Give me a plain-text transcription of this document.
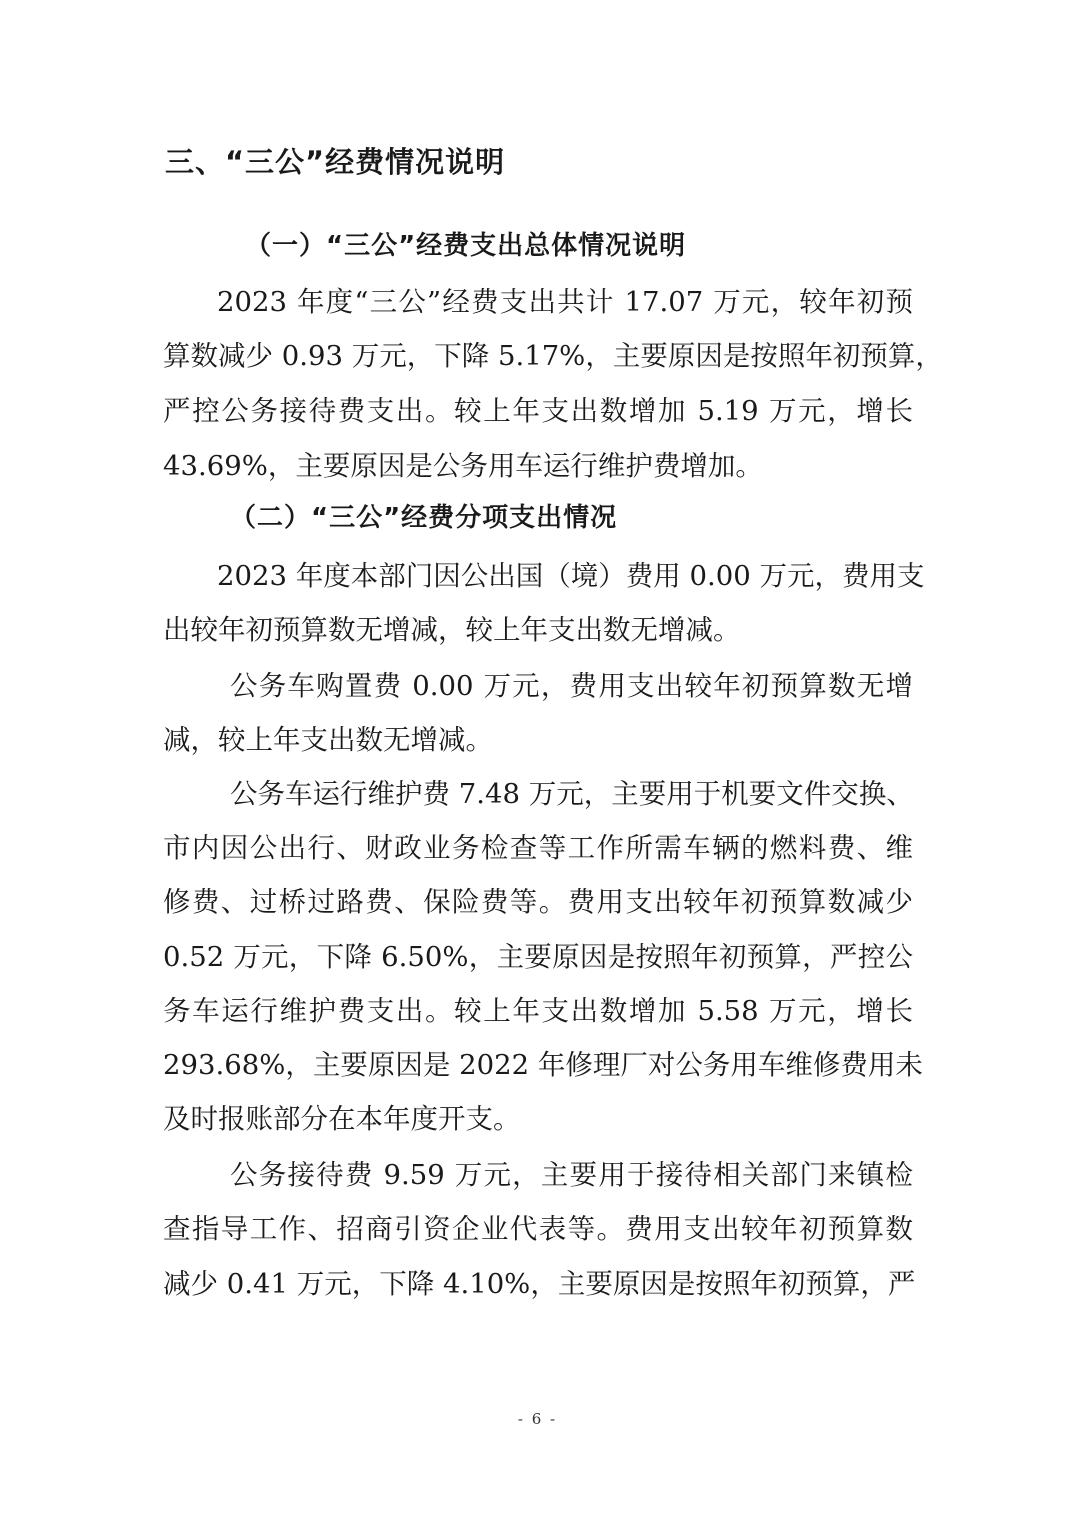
三、“三公”经费情况说明
（一）“三公”经费支出总体情况说明
2023 年度“三公”经费支出共计 17.07 万元，较年初预
算数减少 0.93 万元，下降 5.17%，主要原因是按照年初预算，
严控公务接待费支出。较上年支出数增加 5.19 万元，增长
43.69%，主要原因是公务用车运行维护费增加。
（二）“三公”经费分项支出情况
2023 年度本部门因公出国（境）费用 0.00 万元，费用支
出较年初预算数无增减，较上年支出数无增减。
公务车购置费 0.00 万元，费用支出较年初预算数无增
减，较上年支出数无增减。
公务车运行维护费 7.48 万元，主要用于机要文件交换、
市内因公出行、财政业务检查等工作所需车辆的燃料费、维
修费、过桥过路费、保险费等。费用支出较年初预算数减少
0.52 万元，下降 6.50%，主要原因是按照年初预算，严控公
务车运行维护费支出。较上年支出数增加 5.58 万元，增长
293.68%，主要原因是 2022 年修理厂对公务用车维修费用未
及时报账部分在本年度开支。
公务接待费 9.59 万元，主要用于接待相关部门来镇检
查指导工作、招商引资企业代表等。费用支出较年初预算数
减少 0.41 万元，下降 4.10%，主要原因是按照年初预算，严
- 6 -
